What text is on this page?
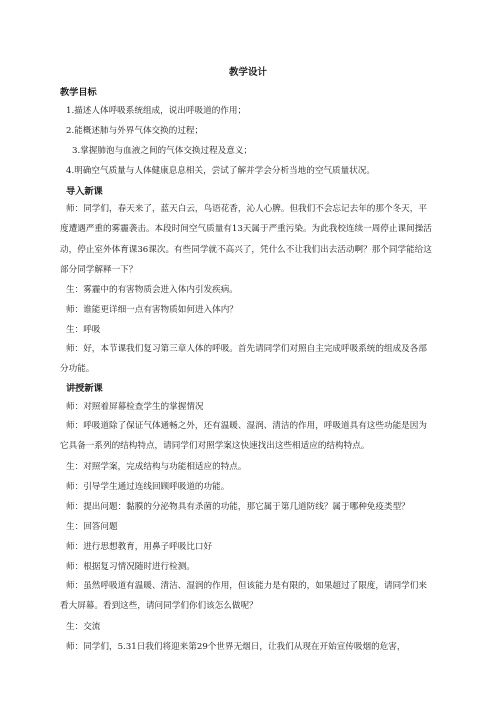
教学设计
教学目标
1.描述人体呼吸系统组成，说出呼吸道的作用；
2.能概述肺与外界气体交换的过程；
3.掌握肺泡与血液之间的气体交换过程及意义；
4.明确空气质量与人体健康息息相关，尝试了解并学会分析当地的空气质量状况。
导入新课

师：同学们，春天来了，蓝天白云，鸟语花香，沁人心脾。但我们不会忘记去年的那个冬天，平度遭遇严重的雾霾袭击。本段时间空气质量有13天属于严重污染。为此我校连续一周停止课间操活动，停止室外体育课36课次。有些同学就不高兴了，凭什么不让我们出去活动啊？那个同学能给这部分同学解释一下？

生：雾霾中的有害物质会进入体内引发疾病。
师：谁能更详细一点有害物质如何进入体内？
生：呼吸

师：好，本节课我们复习第三章人体的呼吸。首先请同学们对照自主完成呼吸系统的组成及各部分功能。

讲授新课
师：对照着屏幕检查学生的掌握情况

师：呼吸道除了保证气体通畅之外，还有温暖、湿润、清洁的作用，呼吸道具有这些功能是因为它具备一系列的结构特点，请同学们对照学案这快速找出这些相适应的结构特点。

生：对照学案，完成结构与功能相适应的特点。
师：引导学生通过连线回顾呼吸道的功能。
师：提出问题：黏膜的分泌物具有杀菌的功能，那它属于第几道防线？属于哪种免疫类型？
生：回答问题
师：进行思想教育，用鼻子呼吸比口好
师：根据复习情况随时进行检测。

师：虽然呼吸道有温暖、清洁、湿润的作用，但该能力是有限的，如果超过了限度，请同学们来看大屏幕。看到这些，请问同学们你们该怎么做呢？

生：交流
师：同学们，5.31日我们将迎来第29个世界无烟日，让我们从现在开始宣传吸烟的危害，
